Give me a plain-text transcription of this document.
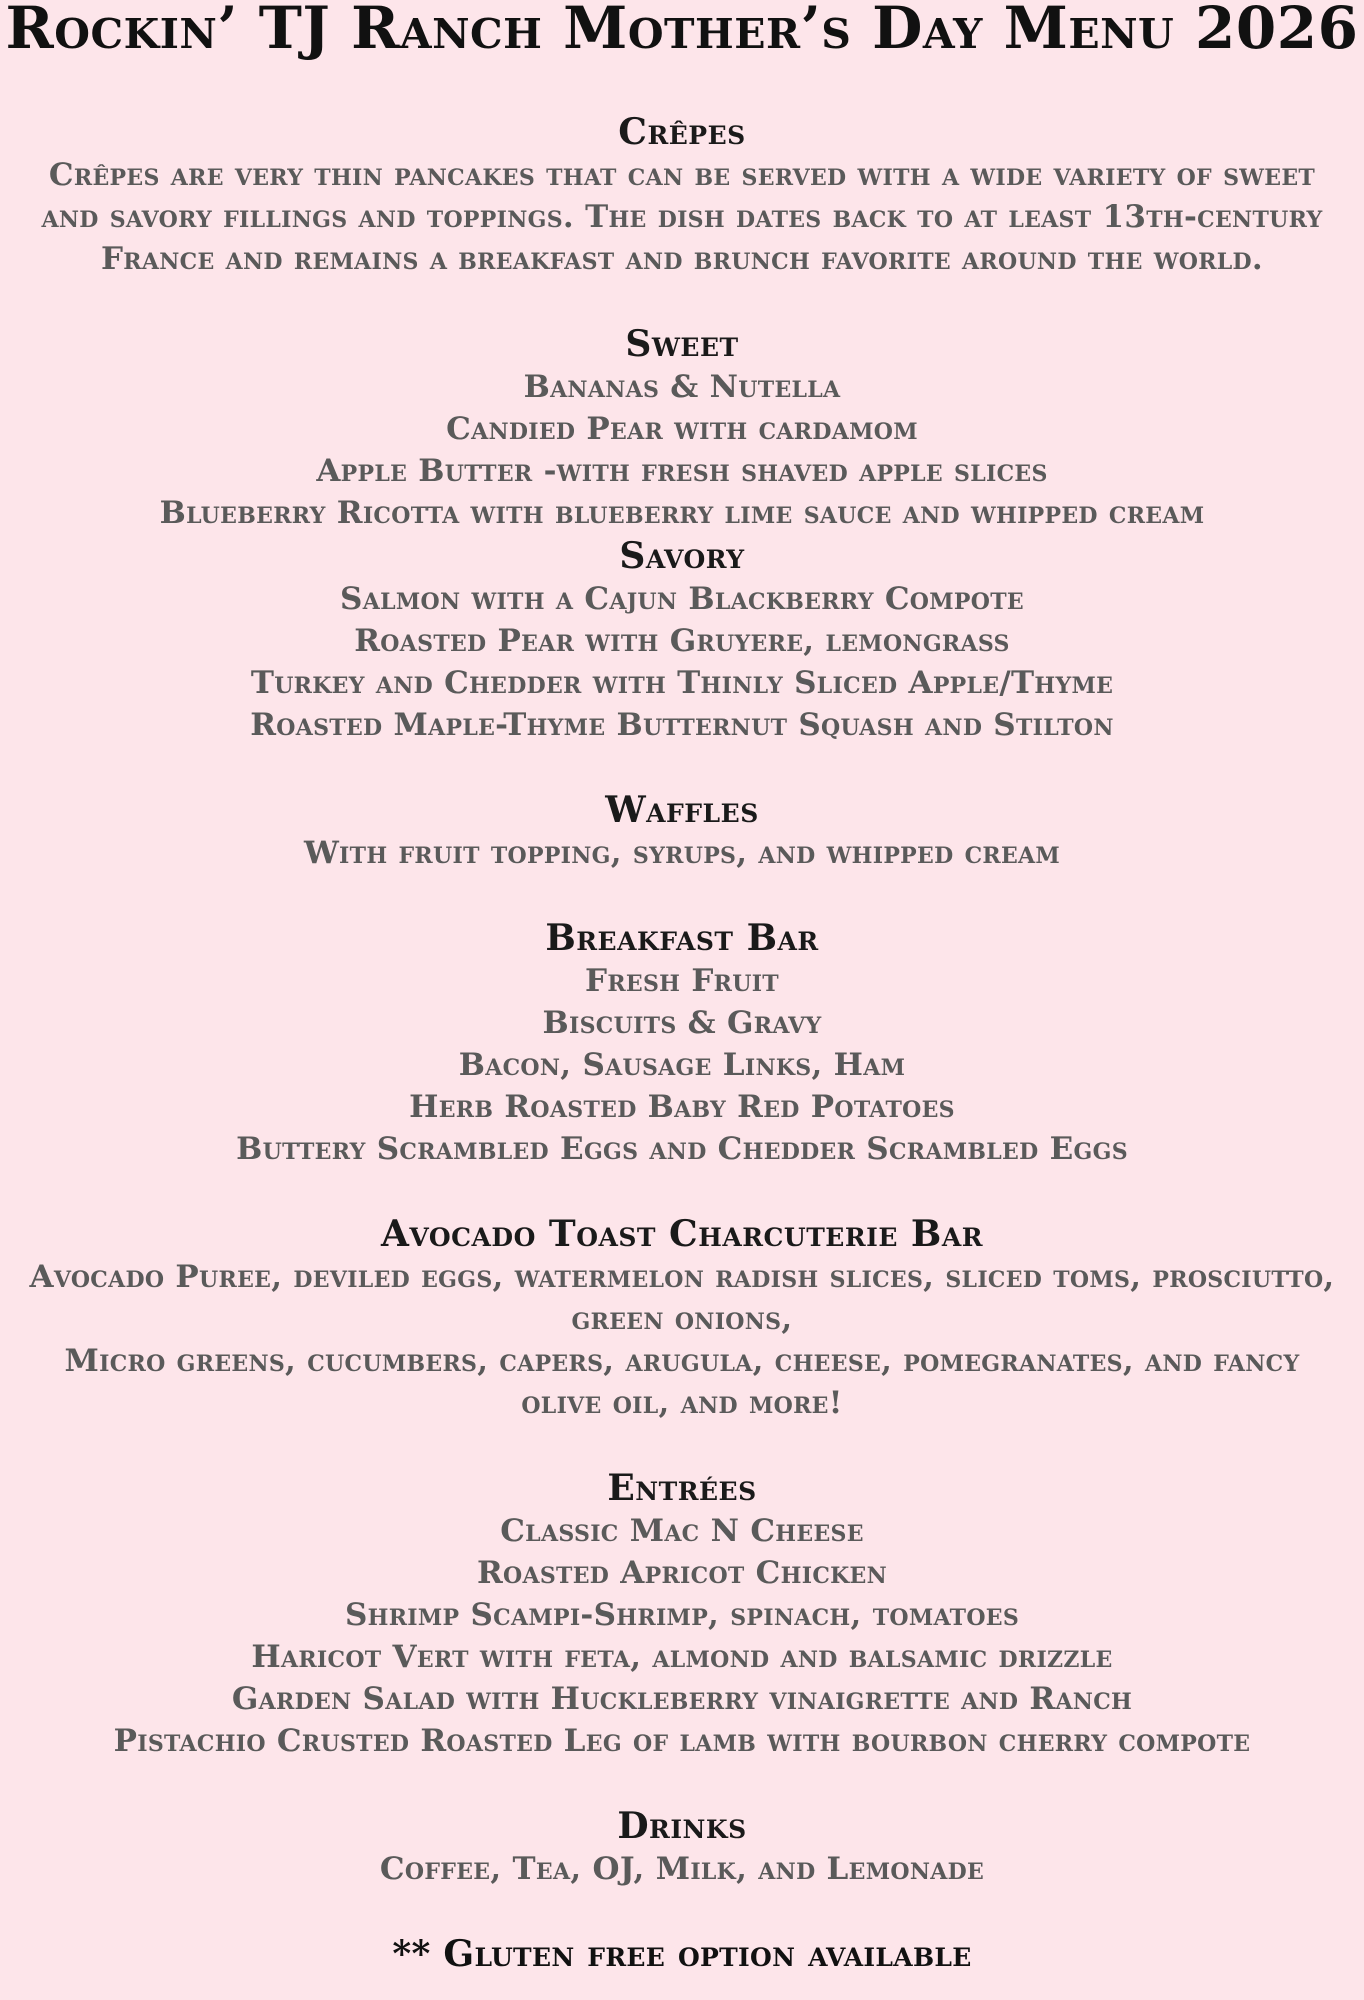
Rockin’ TJ Ranch Mother’s Day Menu 2026
Crêpes

Crêpes are very thin pancakes that can be served with a wide variety of sweet

and savory fillings and toppings. The dish dates back to at least 13th-century

France and remains a breakfast and brunch favorite around the world.

Sweet

Bananas & Nutella

Candied Pear with cardamom

Apple Butter -with fresh shaved apple slices

Blueberry Ricotta with blueberry lime sauce and whipped cream

Savory

Salmon with a Cajun Blackberry Compote

Roasted Pear with Gruyere, lemongrass

Turkey and Chedder with Thinly Sliced Apple/Thyme

Roasted Maple-Thyme Butternut Squash and Stilton

Waffles

With fruit topping, syrups, and whipped cream

Breakfast Bar

Fresh Fruit

Biscuits & Gravy

Bacon, Sausage Links, Ham

Herb Roasted Baby Red Potatoes

Buttery Scrambled Eggs and Chedder Scrambled Eggs

Avocado Toast Charcuterie Bar

Avocado Puree, deviled eggs, watermelon radish slices, sliced toms, prosciutto,

green onions,

Micro greens, cucumbers, capers, arugula, cheese, pomegranates, and fancy

olive oil, and more!

Entrées

Classic Mac N Cheese

Roasted Apricot Chicken

Shrimp Scampi-Shrimp, spinach, tomatoes

Haricot Vert with feta, almond and balsamic drizzle

Garden Salad with Huckleberry vinaigrette and Ranch

Pistachio Crusted Roasted Leg of lamb with bourbon cherry compote

Drinks

Coffee, Tea, OJ, Milk, and Lemonade

** Gluten free option available
